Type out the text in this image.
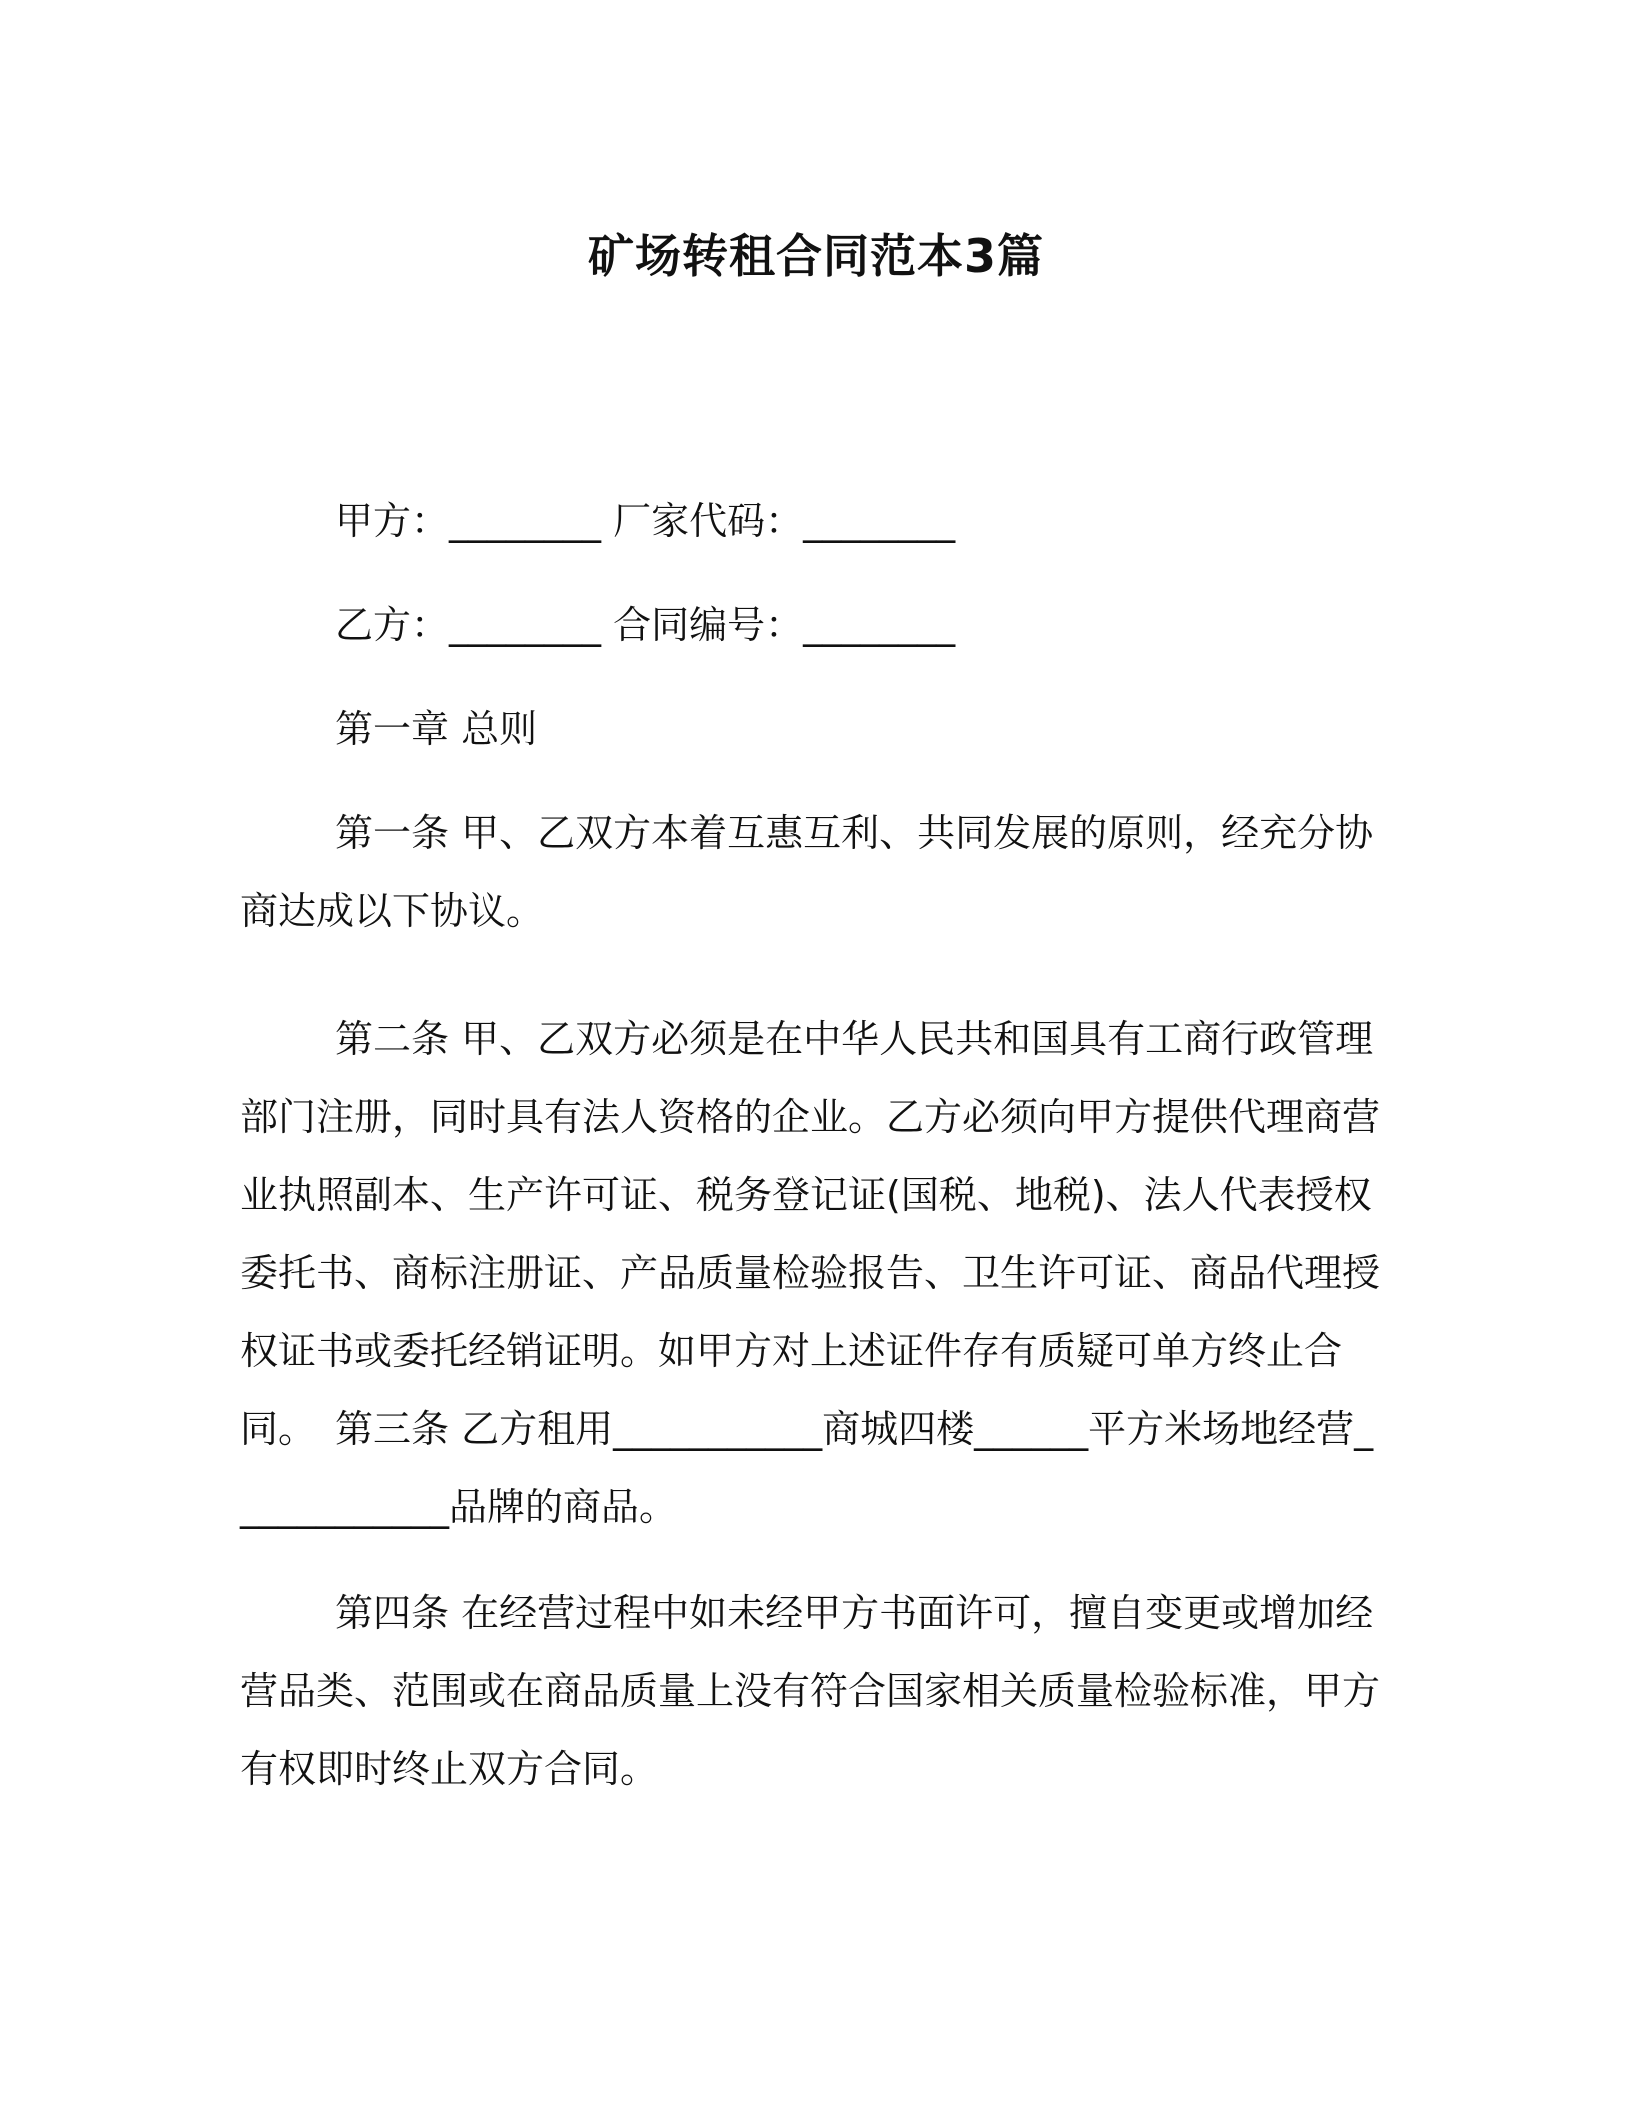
矿场转租合同范本3篇

甲方：________ 厂家代码：________

乙方：________ 合同编号：________

第一章 总则

第一条 甲、乙双方本着互惠互利、共同发展的原则，经充分协商达成以下协议。

第二条 甲、乙双方必须是在中华人民共和国具有工商行政管理部门注册，同时具有法人资格的企业。乙方必须向甲方提供代理商营业执照副本、生产许可证、税务登记证(国税、地税)、法人代表授权委托书、商标注册证、产品质量检验报告、卫生许可证、商品代理授权证书或委托经销证明。如甲方对上述证件存有质疑可单方终止合同。 第三条 乙方租用___________商城四楼______平方米场地经营____________品牌的商品。

第四条 在经营过程中如未经甲方书面许可，擅自变更或增加经营品类、范围或在商品质量上没有符合国家相关质量检验标准，甲方有权即时终止双方合同。
